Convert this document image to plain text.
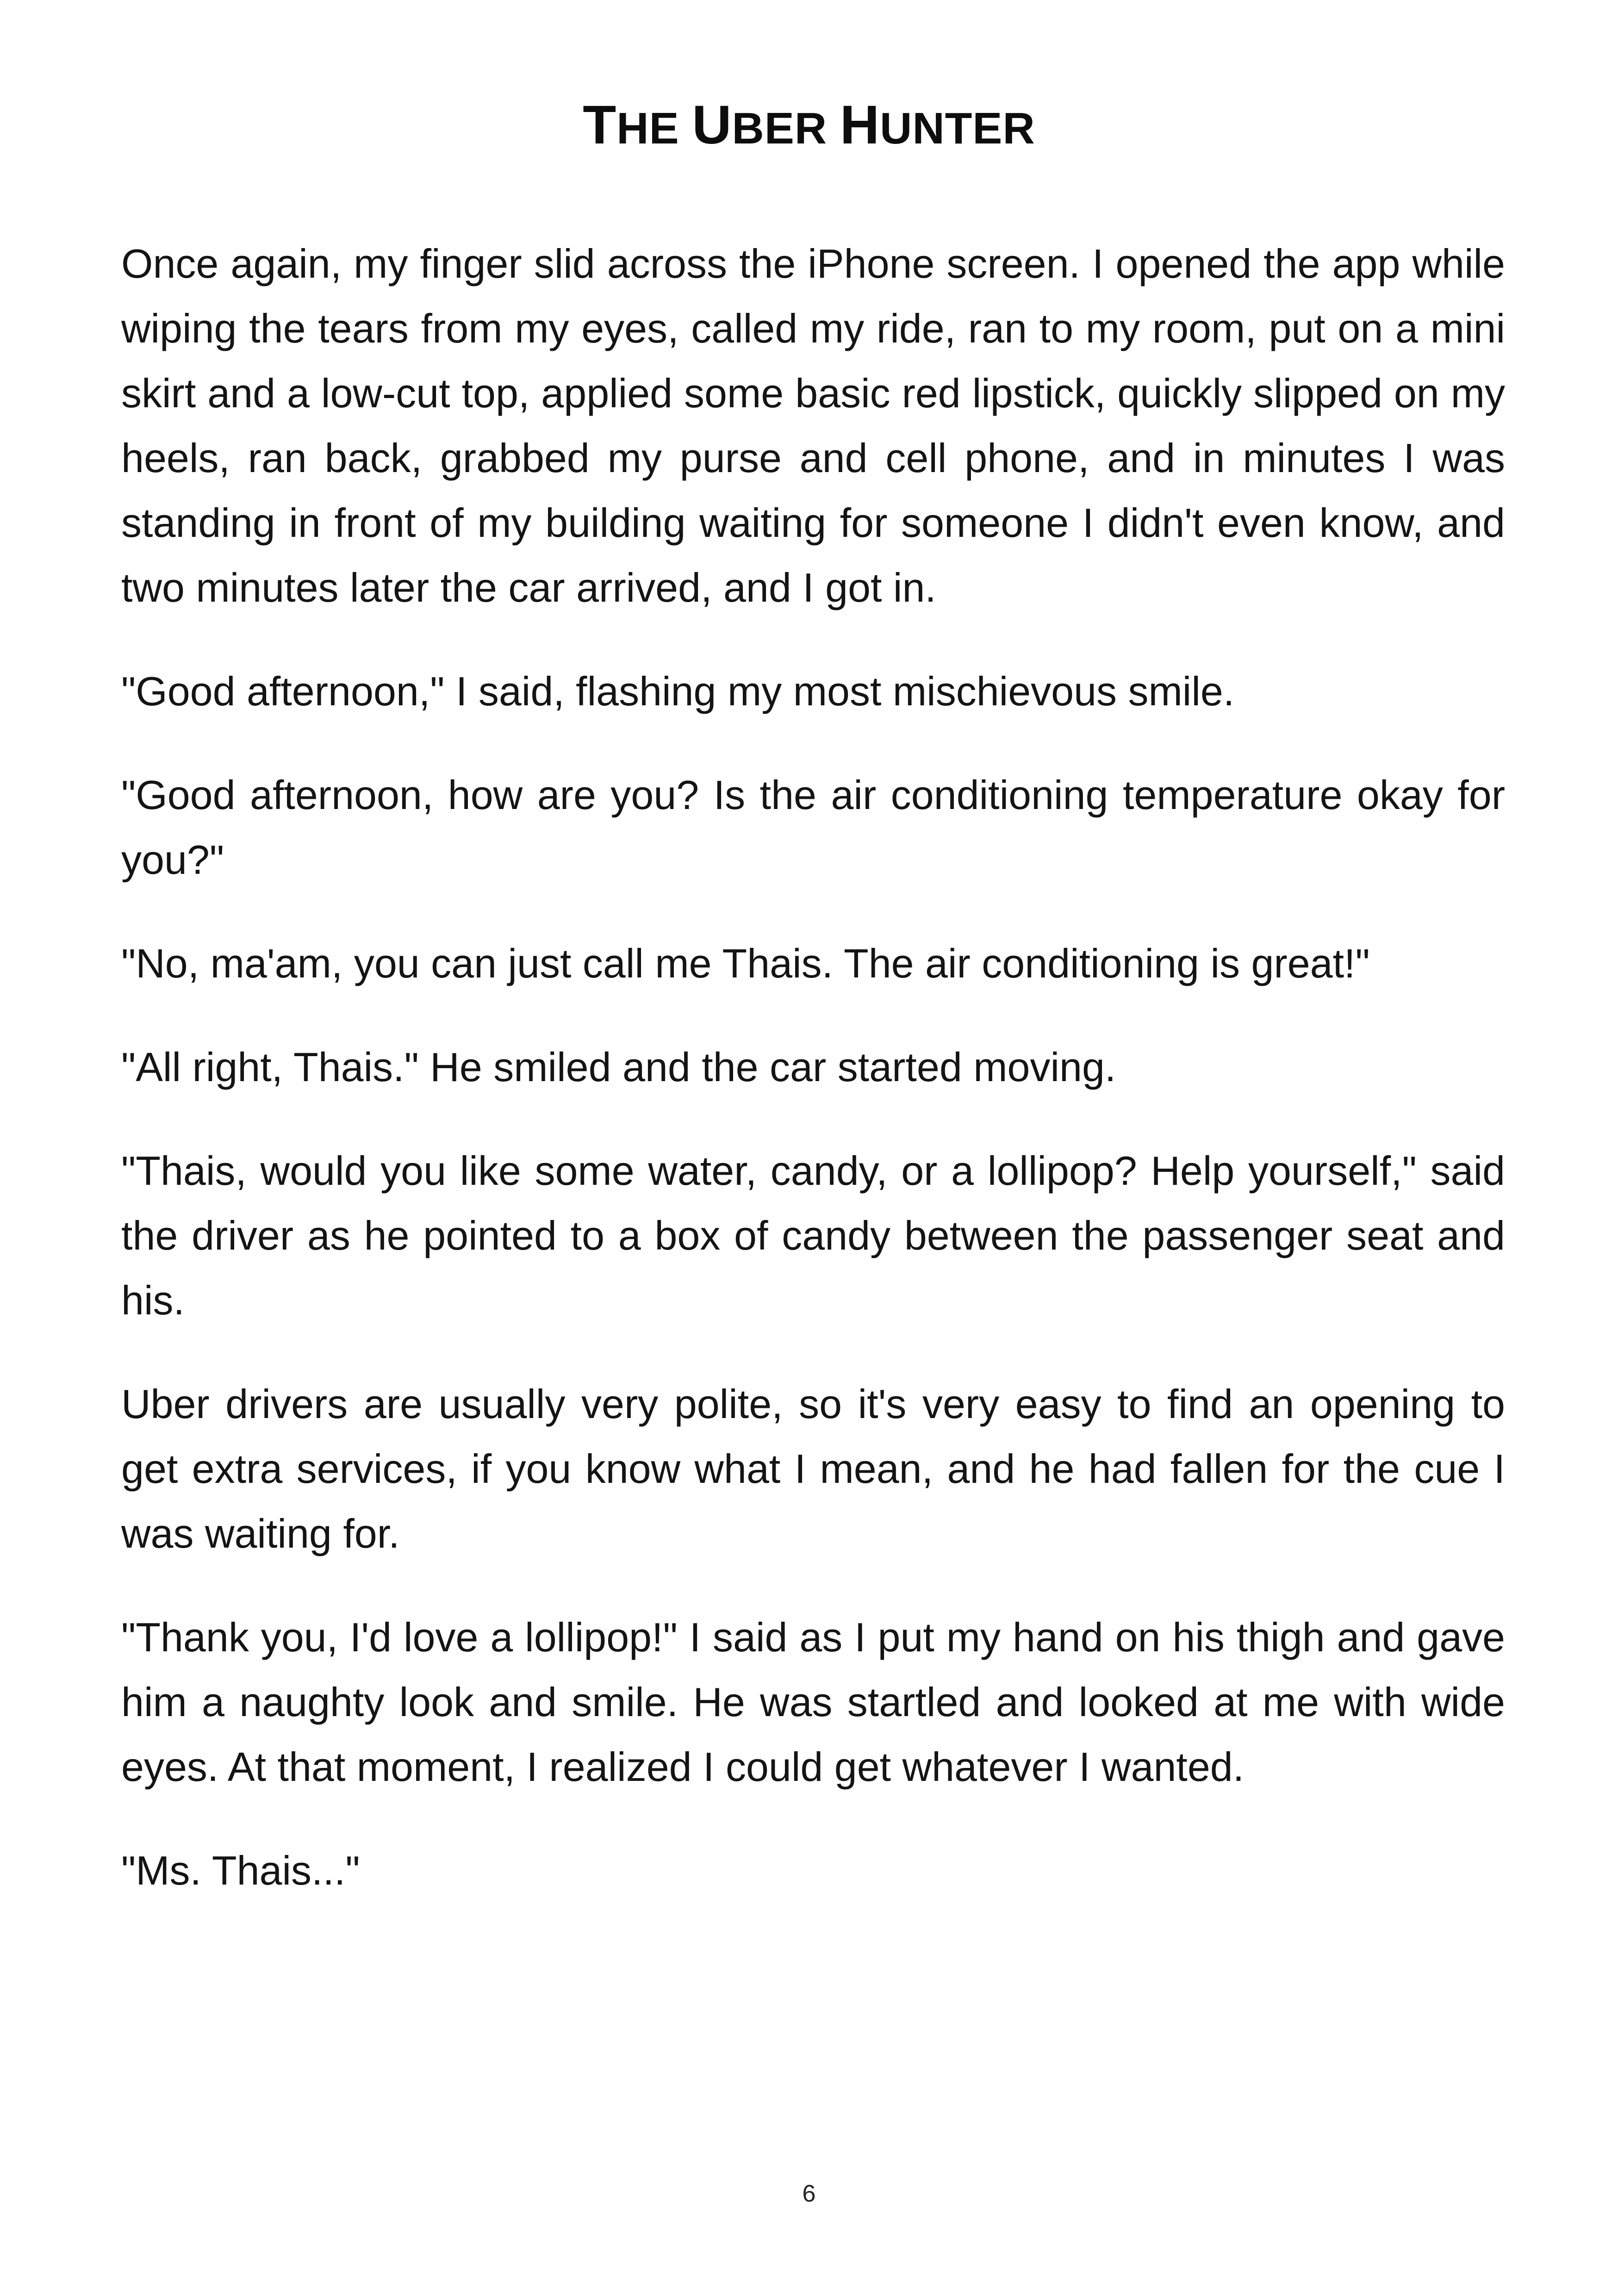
THE UBER HUNTER

Once again, my finger slid across the iPhone screen. I opened the app while wiping the tears from my eyes, called my ride, ran to my room, put on a mini skirt and a low-cut top, applied some basic red lipstick, quickly slipped on my heels, ran back, grabbed my purse and cell phone, and in minutes I was standing in front of my building waiting for someone I didn't even know, and two minutes later the car arrived, and I got in.

"Good afternoon," I said, flashing my most mischievous smile.

"Good afternoon, how are you? Is the air conditioning temperature okay for you?"

"No, ma'am, you can just call me Thais. The air conditioning is great!"

"All right, Thais." He smiled and the car started moving.

"Thais, would you like some water, candy, or a lollipop? Help yourself," said the driver as he pointed to a box of candy between the passenger seat and his.

Uber drivers are usually very polite, so it's very easy to find an opening to get extra services, if you know what I mean, and he had fallen for the cue I was waiting for.

"Thank you, I'd love a lollipop!" I said as I put my hand on his thigh and gave him a naughty look and smile. He was startled and looked at me with wide eyes. At that moment, I realized I could get whatever I wanted.

"Ms. Thais..."

6
